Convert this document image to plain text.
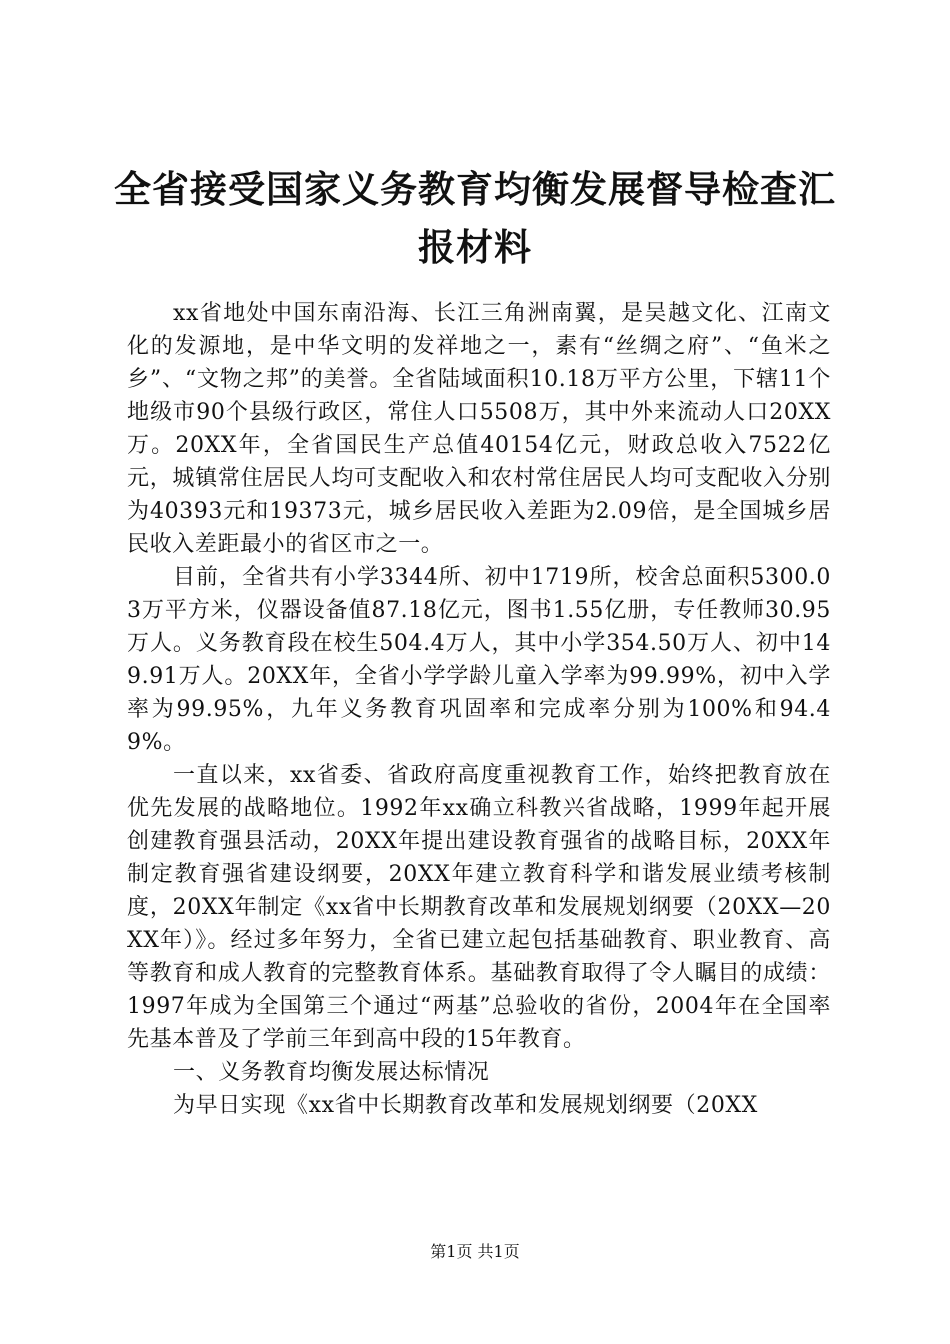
全省接受国家义务教育均衡发展督导检查汇报材料

xx省地处中国东南沿海、长江三角洲南翼，是吴越文化、江南文化的发源地，是中华文明的发祥地之一，素有“丝绸之府”、“鱼米之乡”、“文物之邦”的美誉。全省陆域面积10.18万平方公里，下辖11个地级市90个县级行政区，常住人口5508万，其中外来流动人口20XX万。20XX年，全省国民生产总值40154亿元，财政总收入7522亿元，城镇常住居民人均可支配收入和农村常住居民人均可支配收入分别为40393元和19373元，城乡居民收入差距为2.09倍，是全国城乡居民收入差距最小的省区市之一。

目前，全省共有小学3344所、初中1719所，校舍总面积5300.03万平方米，仪器设备值87.18亿元，图书1.55亿册，专任教师30.95万人。义务教育段在校生504.4万人，其中小学354.50万人、初中149.91万人。20XX年，全省小学学龄儿童入学率为99.99%，初中入学率为99.95%，九年义务教育巩固率和完成率分别为100%和94.49%。

一直以来，xx省委、省政府高度重视教育工作，始终把教育放在优先发展的战略地位。1992年xx确立科教兴省战略，1999年起开展创建教育强县活动，20XX年提出建设教育强省的战略目标，20XX年制定教育强省建设纲要，20XX年建立教育科学和谐发展业绩考核制度，20XX年制定《xx省中长期教育改革和发展规划纲要（20XX—20XX年）》。经过多年努力，全省已建立起包括基础教育、职业教育、高等教育和成人教育的完整教育体系。基础教育取得了令人瞩目的成绩：1997年成为全国第三个通过“两基”总验收的省份，2004年在全国率先基本普及了学前三年到高中段的15年教育。

一、义务教育均衡发展达标情况

为早日实现《xx省中长期教育改革和发展规划纲要（20XX

第1页 共1页
